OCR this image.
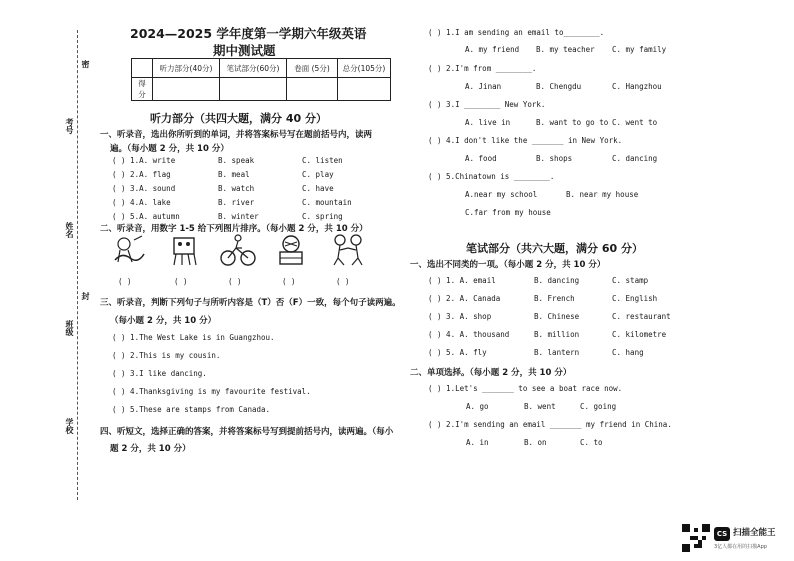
考号
姓名
封
班级
学校
密
2024—2025 学年度第一学期六年级英语
期中测试题
	听力部分(40分)	笔试部分(60分)	卷面 (5分)	总分(105分)
得分				
听力部分（共四大题，满分 40 分）
一、听录音，选出你所听到的单词，并将答案标号写在题前括号内，读两
遍。（每小题 2 分，共 10 分）
( ) 1.A. write	B. speak	C. listen
( ) 2.A. flag	B. meal	C. play
( ) 3.A. sound	B. watch	C. have
( ) 4.A. lake	B. river	C. mountain
( ) 5.A. autumn	B. winter	C. spring
二、听录音，用数字 1-5 给下列图片排序。（每小题 2 分，共 10 分）
( )	( )	( )	( )	( )
三、听录音，判断下列句子与所听内容是（T）否（F）一致，每个句子读两遍。
（每小题 2 分，共 10 分）
( ) 1.The West Lake is in Guangzhou.
( ) 2.This is my cousin.
( ) 3.I like dancing.
( ) 4.Thanksgiving is my favourite festival.
( ) 5.These are stamps from Canada.
四、听短文，选择正确的答案，并将答案标号写到提前括号内，读两遍。（每小
题 2 分，共 10 分）
( ) 1.I am sending an email to________.
A. my friend B. my teacher C. my family
( ) 2.I'm from ________.
A. Jinan	B. Chengdu	C. Hangzhou
( ) 3.I ________ New York.
A. live in	B. want to go to C. went to
( ) 4.I don't like the _______ in New York.
A. food	B. shops	C. dancing
( ) 5.Chinatown is ________.
A.near my school	B. near my house
C.far from my house
笔试部分（共六大题，满分 60 分）
一、选出不同类的一项。（每小题 2 分，共 10 分）
( ) 1. A. email	B. dancing	C. stamp
( ) 2. A. Canada	B. French	C. English
( ) 3. A. shop	B. Chinese	C. restaurant
( ) 4. A. thousand	B. million	C. kilometre
( ) 5. A. fly	B. lantern	C. hang
二、单项选择。（每小题 2 分，共 10 分）
( ) 1.Let's _______ to see a boat race now.
A. go	B. went	C. going
( ) 2.I'm sending an email _______ my friend in China.
A. in	B. on	C. to
CS 扫描全能王
3亿人都在用的扫描App
